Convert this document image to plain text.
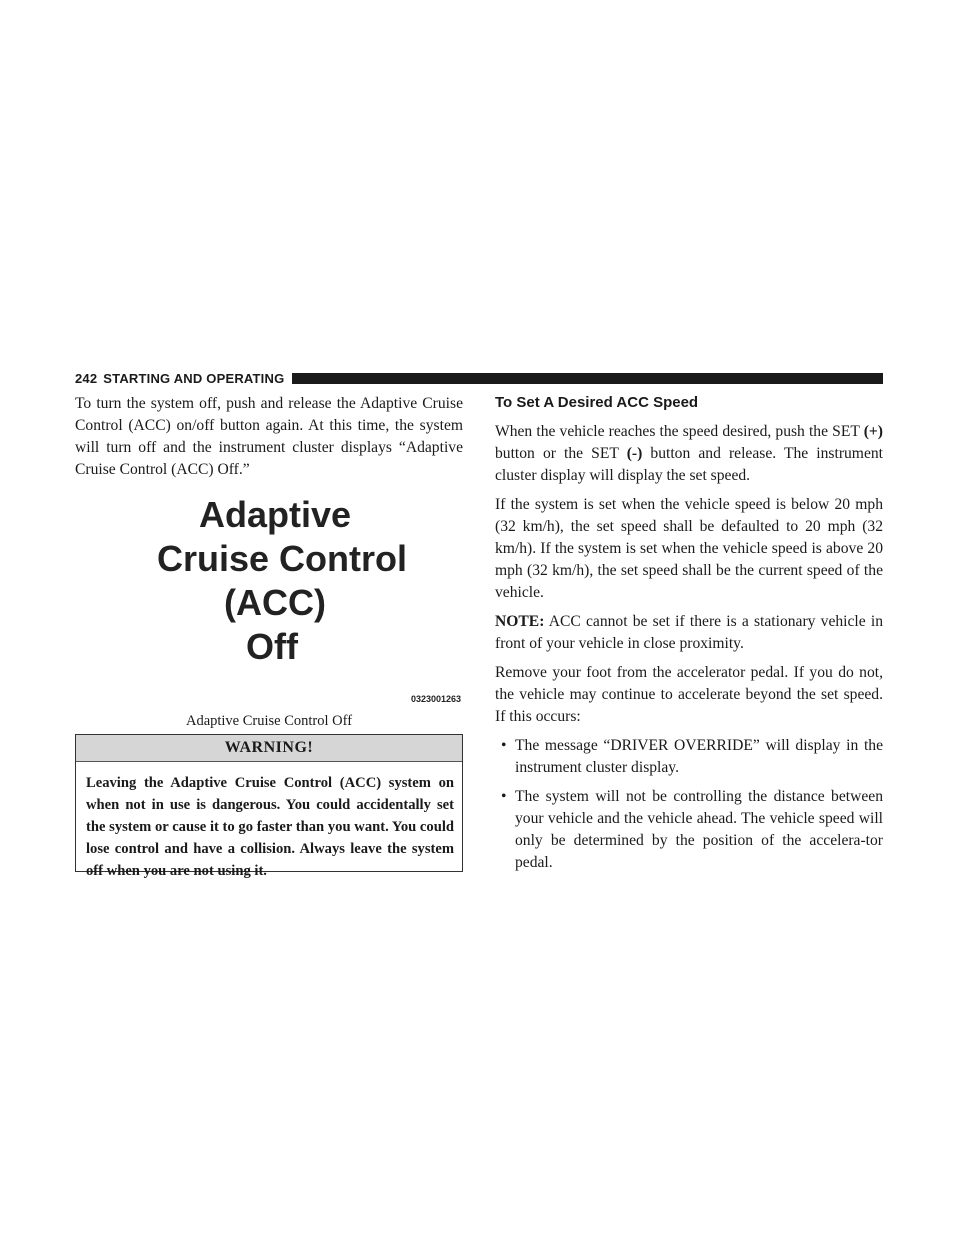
242 STARTING AND OPERATING

To turn the system off, push and release the Adaptive Cruise Control (ACC) on/off button again. At this time, the system will turn off and the instrument cluster displays “Adaptive Cruise Control (ACC) Off.”

Adaptive
Cruise Control
(ACC)
Off
0323001263
Adaptive Cruise Control Off
WARNING!
Leaving the Adaptive Cruise Control (ACC) system on when not in use is dangerous. You could accidentally set the system or cause it to go faster than you want. You could lose control and have a collision. Always leave the system off when you are not using it.
To Set A Desired ACC Speed

When the vehicle reaches the speed desired, push the SET (+) button or the SET (-) button and release. The instrument cluster display will display the set speed.

If the system is set when the vehicle speed is below 20 mph (32 km/h), the set speed shall be defaulted to 20 mph (32 km/h). If the system is set when the vehicle speed is above 20 mph (32 km/h), the set speed shall be the current speed of the vehicle.

NOTE: ACC cannot be set if there is a stationary vehicle in front of your vehicle in close proximity.

Remove your foot from the accelerator pedal. If you do not, the vehicle may continue to accelerate beyond the set speed. If this occurs:

• The message “DRIVER OVERRIDE” will display in the instrument cluster display.
• The system will not be controlling the distance between your vehicle and the vehicle ahead. The vehicle speed will only be determined by the position of the accelera-tor pedal.
